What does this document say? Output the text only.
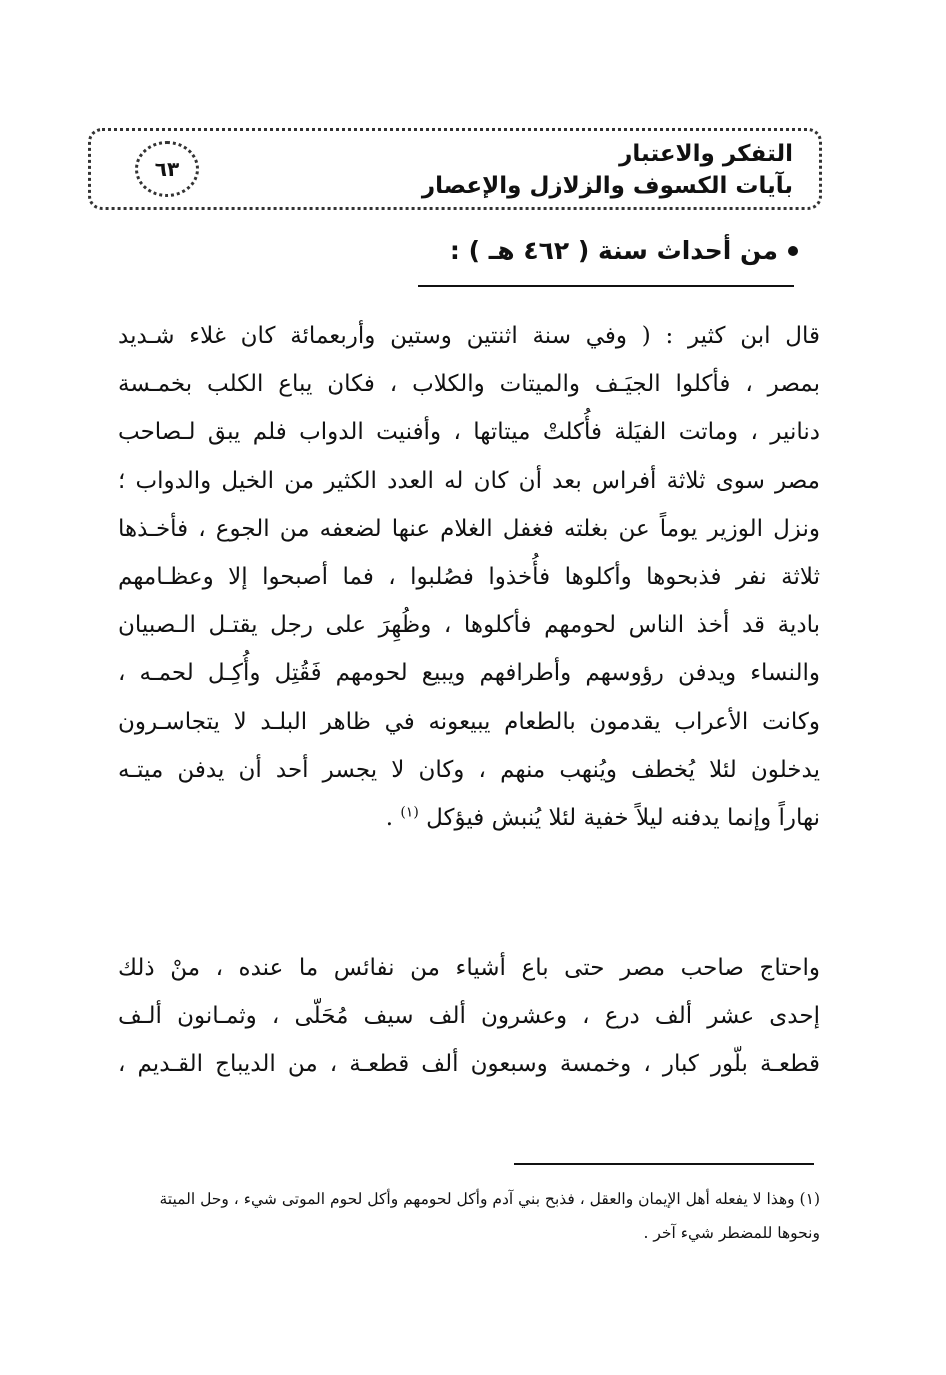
التفكر والاعتبار
بآيات الكسوف والزلازل والإعصار
٦٣
من أحداث سنة ( ٤٦٢ هـ ) :
قال ابن كثير : ( وفي سنة اثنتين وستين وأربعمائة كان غلاء شـديد
بمصر ، فأكلوا الجيَـف والميتات والكلاب ، فكان يباع الكلب بخمـسة
دنانير ، وماتت الفيَلة فأُكلتْ ميتاتها ، وأفنيت الدواب فلم يبق لـصاحب
مصر سوى ثلاثة أفراس بعد أن كان له العدد الكثير من الخيل والدواب ؛
ونزل الوزير يوماً عن بغلته فغفل الغلام عنها لضعفه من الجوع ، فأخـذها
ثلاثة نفر فذبحوها وأكلوها فأُخذوا فصُلبوا ، فما أصبحوا إلا وعظـامهم
بادية قد أخذ الناس لحومهم فأكلوها ، وظُهِرَ على رجل يقتـل الـصبيان
والنساء ويدفن رؤوسهم وأطرافهم ويبيع لحومهم فَقُتِل وأُكِـل لحمـه ،
وكانت الأعراب يقدمون بالطعام يبيعونه في ظاهر البلـد لا يتجاسـرون
يدخلون لئلا يُخطف ويُنهب منهم ، وكان لا يجسر أحد أن يدفن ميتـه
نهاراً وإنما يدفنه ليلاً خفية لئلا يُنبش فيؤكل $^{(١)}$ .
واحتاج صاحب مصر حتى باع أشياء من نفائس ما عنده ، منْ ذلك
إحدى عشر ألف درع ، وعشرون ألف سيف مُحَلّى ، وثمـانون ألـف
قطعـة بلّور كبار ، وخمسة وسبعون ألف قطعـة ، من الديباج القـديم ،
(١) وهذا لا يفعله أهل الإيمان والعقل ، فذبح بني آدم وأكل لحومهم وأكل لحوم الموتى شيء ، وحل الميتة
ونحوها للمضطر شيء آخر .
